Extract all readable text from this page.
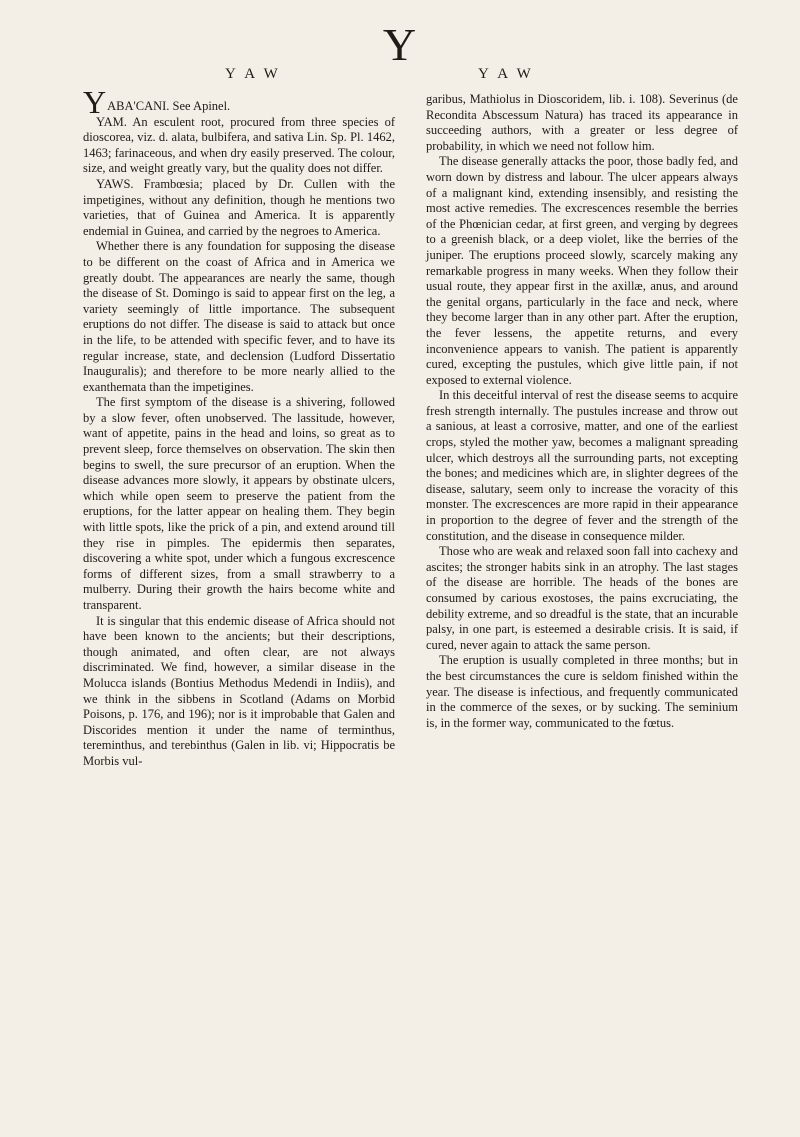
Y
Y A W	Y A W

YABA'CANI. See Apinel.

YAM. An esculent root, procured from three species of dioscorea, viz. d. alata, bulbifera, and sativa Lin. Sp. Pl. 1462, 1463; farinaceous, and when dry easily preserved. The colour, size, and weight greatly vary, but the quality does not differ.

YAWS. Frambœsia; placed by Dr. Cullen with the impetigines, without any definition, though he mentions two varieties, that of Guinea and America. It is apparently endemial in Guinea, and carried by the negroes to America.

Whether there is any foundation for supposing the disease to be different on the coast of Africa and in America we greatly doubt. The appearances are nearly the same, though the disease of St. Domingo is said to appear first on the leg, a variety seemingly of little importance. The subsequent eruptions do not differ. The disease is said to attack but once in the life, to be attended with specific fever, and to have its regular increase, state, and declension (Ludford Dissertatio Inauguralis); and therefore to be more nearly allied to the exanthemata than the impetigines.

The first symptom of the disease is a shivering, followed by a slow fever, often unobserved. The lassitude, however, want of appetite, pains in the head and loins, so great as to prevent sleep, force themselves on observation. The skin then begins to swell, the sure precursor of an eruption. When the disease advances more slowly, it appears by obstinate ulcers, which while open seem to preserve the patient from the eruptions, for the latter appear on healing them. They begin with little spots, like the prick of a pin, and extend around till they rise in pimples. The epidermis then separates, discovering a white spot, under which a fungous excrescence forms of different sizes, from a small strawberry to a mulberry. During their growth the hairs become white and transparent.

It is singular that this endemic disease of Africa should not have been known to the ancients; but their descriptions, though animated, and often clear, are not always discriminated. We find, however, a similar disease in the Molucca islands (Bontius Methodus Medendi in Indiis), and we think in the sibbens in Scotland (Adams on Morbid Poisons, p. 176, and 196); nor is it improbable that Galen and Discorides mention it under the name of terminthus, tereminthus, and terebinthus (Galen in lib. vi; Hippocratis be Morbis vul-

garibus, Mathiolus in Dioscoridem, lib. i. 108). Severinus (de Recondita Abscessum Natura) has traced its appearance in succeeding authors, with a greater or less degree of probability, in which we need not follow him.

The disease generally attacks the poor, those badly fed, and worn down by distress and labour. The ulcer appears always of a malignant kind, extending insensibly, and resisting the most active remedies. The excrescences resemble the berries of the Phœnician cedar, at first green, and verging by degrees to a greenish black, or a deep violet, like the berries of the juniper. The eruptions proceed slowly, scarcely making any remarkable progress in many weeks. When they follow their usual route, they appear first in the axillæ, anus, and around the genital organs, particularly in the face and neck, where they become larger than in any other part. After the eruption, the fever lessens, the appetite returns, and every inconvenience appears to vanish. The patient is apparently cured, excepting the pustules, which give little pain, if not exposed to external violence.

In this deceitful interval of rest the disease seems to acquire fresh strength internally. The pustules increase and throw out a sanious, at least a corrosive, matter, and one of the earliest crops, styled the mother yaw, becomes a malignant spreading ulcer, which destroys all the surrounding parts, not excepting the bones; and medicines which are, in slighter degrees of the disease, salutary, seem only to increase the voracity of this monster. The excrescences are more rapid in their appearance in proportion to the degree of fever and the strength of the constitution, and the disease in consequence milder.

Those who are weak and relaxed soon fall into cachexy and ascites; the stronger habits sink in an atrophy. The last stages of the disease are horrible. The heads of the bones are consumed by carious exostoses, the pains excruciating, the debility extreme, and so dreadful is the state, that an incurable palsy, in one part, is esteemed a desirable crisis. It is said, if cured, never again to attack the same person.

The eruption is usually completed in three months; but in the best circumstances the cure is seldom finished within the year. The disease is infectious, and frequently communicated in the commerce of the sexes, or by sucking. The seminium is, in the former way, communicated to the fœtus.
